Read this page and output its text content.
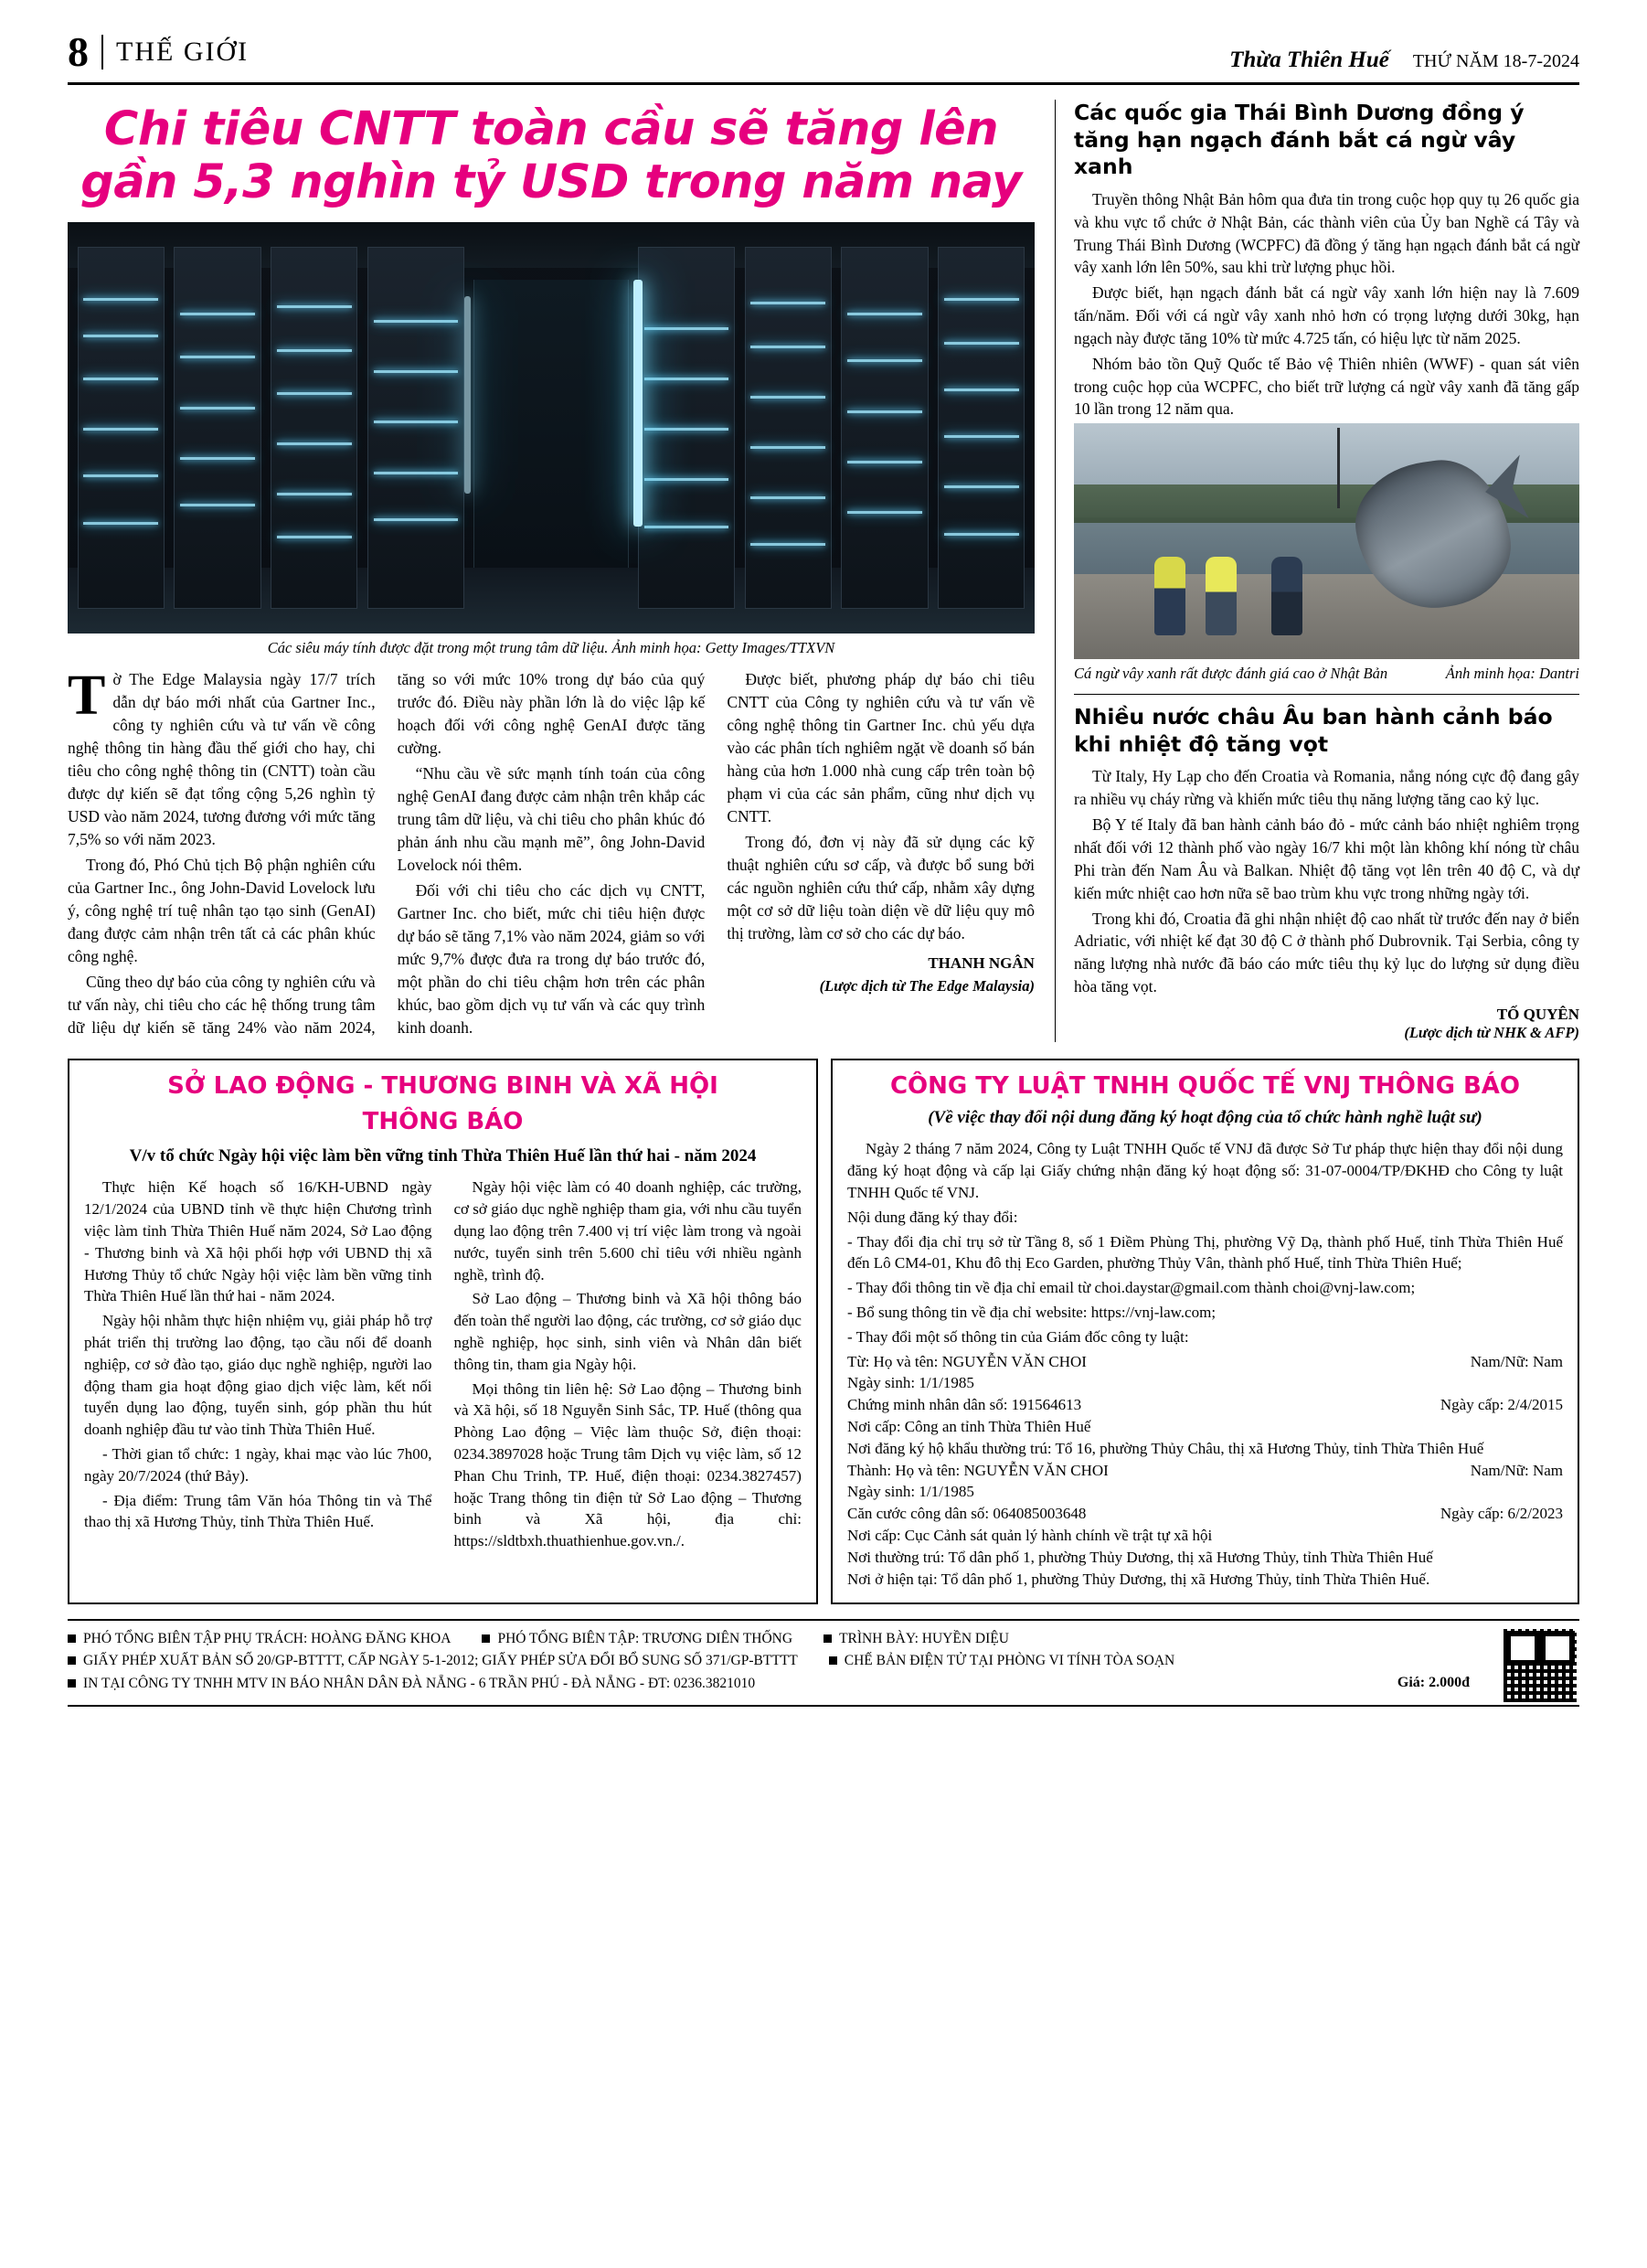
8 THẾ GIỚI	Thừa Thiên Huế THỨ NĂM 18-7-2024
Chi tiêu CNTT toàn cầu sẽ tăng lên gần 5,3 nghìn tỷ USD trong năm nay
Các siêu máy tính được đặt trong một trung tâm dữ liệu. Ảnh minh họa: Getty Images/TTXVN

Tờ The Edge Malaysia ngày 17/7 trích dẫn dự báo mới nhất của Gartner Inc., công ty nghiên cứu và tư vấn về công nghệ thông tin hàng đầu thế giới cho hay, chi tiêu cho công nghệ thông tin (CNTT) toàn cầu được dự kiến sẽ đạt tổng cộng 5,26 nghìn tỷ USD vào năm 2024, tương đương với mức tăng 7,5% so với năm 2023.

Trong đó, Phó Chủ tịch Bộ phận nghiên cứu của Gartner Inc., ông John-David Lovelock lưu ý, công nghệ trí tuệ nhân tạo tạo sinh (GenAI) đang được cảm nhận trên tất cả các phân khúc công nghệ.

Cũng theo dự báo của công ty nghiên cứu và tư vấn này, chi tiêu cho các hệ thống trung tâm dữ liệu dự kiến sẽ tăng 24% vào năm 2024, tăng so với mức 10% trong dự báo của quý trước đó. Điều này phần lớn là do việc lập kế hoạch đối với công nghệ GenAI được tăng cường.

“Nhu cầu về sức mạnh tính toán của công nghệ GenAI đang được cảm nhận trên khắp các trung tâm dữ liệu, và chi tiêu cho phân khúc đó phản ánh nhu cầu mạnh mẽ”, ông John-David Lovelock nói thêm.

Đối với chi tiêu cho các dịch vụ CNTT, Gartner Inc. cho biết, mức chi tiêu hiện được dự báo sẽ tăng 7,1% vào năm 2024, giảm so với mức 9,7% được đưa ra trong dự báo trước đó, một phần do chi tiêu chậm hơn trên các phân khúc, bao gồm dịch vụ tư vấn và các quy trình kinh doanh.

Được biết, phương pháp dự báo chi tiêu CNTT của Công ty nghiên cứu và tư vấn về công nghệ thông tin Gartner Inc. chủ yếu dựa vào các phân tích nghiêm ngặt về doanh số bán hàng của hơn 1.000 nhà cung cấp trên toàn bộ phạm vi của các sản phẩm, cũng như dịch vụ CNTT.

Trong đó, đơn vị này đã sử dụng các kỹ thuật nghiên cứu sơ cấp, và được bổ sung bởi các nguồn nghiên cứu thứ cấp, nhằm xây dựng một cơ sở dữ liệu toàn diện về dữ liệu quy mô thị trường, làm cơ sở cho các dự báo.

THANH NGÂN
(Lược dịch từ The Edge Malaysia)
Các quốc gia Thái Bình Dương đồng ý tăng hạn ngạch đánh bắt cá ngừ vây xanh

Truyền thông Nhật Bản hôm qua đưa tin trong cuộc họp quy tụ 26 quốc gia và khu vực tổ chức ở Nhật Bản, các thành viên của Ủy ban Nghề cá Tây và Trung Thái Bình Dương (WCPFC) đã đồng ý tăng hạn ngạch đánh bắt cá ngừ vây xanh lớn lên 50%, sau khi trừ lượng phục hồi.

Được biết, hạn ngạch đánh bắt cá ngừ vây xanh lớn hiện nay là 7.609 tấn/năm. Đối với cá ngừ vây xanh nhỏ hơn có trọng lượng dưới 30kg, hạn ngạch này được tăng 10% từ mức 4.725 tấn, có hiệu lực từ năm 2025.

Nhóm bảo tồn Quỹ Quốc tế Bảo vệ Thiên nhiên (WWF) - quan sát viên trong cuộc họp của WCPFC, cho biết trữ lượng cá ngừ vây xanh đã tăng gấp 10 lần trong 12 năm qua.

Cá ngừ vây xanh rất được đánh giá cao ở Nhật Bản	Ảnh minh họa: Dantri
Nhiều nước châu Âu ban hành cảnh báo khi nhiệt độ tăng vọt

Từ Italy, Hy Lạp cho đến Croatia và Romania, nắng nóng cực độ đang gây ra nhiều vụ cháy rừng và khiến mức tiêu thụ năng lượng tăng cao kỷ lục.

Bộ Y tế Italy đã ban hành cảnh báo đỏ - mức cảnh báo nhiệt nghiêm trọng nhất đối với 12 thành phố vào ngày 16/7 khi một làn không khí nóng từ châu Phi tràn đến Nam Âu và Balkan. Nhiệt độ tăng vọt lên trên 40 độ C, và dự kiến mức nhiệt cao hơn nữa sẽ bao trùm khu vực trong những ngày tới.

Trong khi đó, Croatia đã ghi nhận nhiệt độ cao nhất từ trước đến nay ở biển Adriatic, với nhiệt kế đạt 30 độ C ở thành phố Dubrovnik. Tại Serbia, công ty năng lượng nhà nước đã báo cáo mức tiêu thụ kỷ lục do lượng sử dụng điều hòa tăng vọt.

TỐ QUYÊN
(Lược dịch từ NHK & AFP)
SỞ LAO ĐỘNG - THƯƠNG BINH VÀ XÃ HỘI
THÔNG BÁO
V/v tổ chức Ngày hội việc làm bền vững tỉnh Thừa Thiên Huế lần thứ hai - năm 2024

Thực hiện Kế hoạch số 16/KH-UBND ngày 12/1/2024 của UBND tỉnh về thực hiện Chương trình việc làm tỉnh Thừa Thiên Huế năm 2024, Sở Lao động - Thương binh và Xã hội phối hợp với UBND thị xã Hương Thủy tổ chức Ngày hội việc làm bền vững tỉnh Thừa Thiên Huế lần thứ hai - năm 2024.

Ngày hội nhằm thực hiện nhiệm vụ, giải pháp hỗ trợ phát triển thị trường lao động, tạo cầu nối để doanh nghiệp, cơ sở đào tạo, giáo dục nghề nghiệp, người lao động tham gia hoạt động giao dịch việc làm, kết nối tuyển dụng lao động, tuyển sinh, góp phần thu hút doanh nghiệp đầu tư vào tỉnh Thừa Thiên Huế.

- Thời gian tổ chức: 1 ngày, khai mạc vào lúc 7h00, ngày 20/7/2024 (thứ Bảy).

- Địa điểm: Trung tâm Văn hóa Thông tin và Thể thao thị xã Hương Thủy, tỉnh Thừa Thiên Huế.

Ngày hội việc làm có 40 doanh nghiệp, các trường, cơ sở giáo dục nghề nghiệp tham gia, với nhu cầu tuyển dụng lao động trên 7.400 vị trí việc làm trong và ngoài nước, tuyển sinh trên 5.600 chỉ tiêu với nhiều ngành nghề, trình độ.

Sở Lao động – Thương binh và Xã hội thông báo đến toàn thể người lao động, các trường, cơ sở giáo dục nghề nghiệp, học sinh, sinh viên và Nhân dân biết thông tin, tham gia Ngày hội.

Mọi thông tin liên hệ: Sở Lao động – Thương binh và Xã hội, số 18 Nguyễn Sinh Sắc, TP. Huế (thông qua Phòng Lao động – Việc làm thuộc Sở, điện thoại: 0234.3897028 hoặc Trung tâm Dịch vụ việc làm, số 12 Phan Chu Trinh, TP. Huế, điện thoại: 0234.3827457) hoặc Trang thông tin điện tử Sở Lao động – Thương binh và Xã hội, địa chỉ: https://sldtbxh.thuathienhue.gov.vn./.

CÔNG TY LUẬT TNHH QUỐC TẾ VNJ THÔNG BÁO
(Về việc thay đổi nội dung đăng ký hoạt động của tổ chức hành nghề luật sư)

Ngày 2 tháng 7 năm 2024, Công ty Luật TNHH Quốc tế VNJ đã được Sở Tư pháp thực hiện thay đổi nội dung đăng ký hoạt động và cấp lại Giấy chứng nhận đăng ký hoạt động số: 31-07-0004/TP/ĐKHĐ cho Công ty luật TNHH Quốc tế VNJ.

Nội dung đăng ký thay đổi:

- Thay đổi địa chỉ trụ sở từ Tầng 8, số 1 Điềm Phùng Thị, phường Vỹ Dạ, thành phố Huế, tỉnh Thừa Thiên Huế đến Lô CM4-01, Khu đô thị Eco Garden, phường Thủy Vân, thành phố Huế, tỉnh Thừa Thiên Huế;

- Thay đổi thông tin về địa chỉ email từ choi.daystar@gmail.com thành choi@vnj-law.com;

- Bổ sung thông tin về địa chỉ website: https://vnj-law.com;

- Thay đổi một số thông tin của Giám đốc công ty luật:

Từ: Họ và tên: NGUYỄN VĂN CHOI	Nam/Nữ: Nam
Ngày sinh: 1/1/1985
Chứng minh nhân dân số: 191564613	Ngày cấp: 2/4/2015
Nơi cấp: Công an tỉnh Thừa Thiên Huế
Nơi đăng ký hộ khẩu thường trú: Tổ 16, phường Thủy Châu, thị xã Hương Thủy, tỉnh Thừa Thiên Huế
Thành: Họ và tên: NGUYỄN VĂN CHOI	Nam/Nữ: Nam
Ngày sinh: 1/1/1985
Căn cước công dân số: 064085003648	Ngày cấp: 6/2/2023
Nơi cấp: Cục Cảnh sát quản lý hành chính về trật tự xã hội
Nơi thường trú: Tổ dân phố 1, phường Thủy Dương, thị xã Hương Thủy, tỉnh Thừa Thiên Huế
Nơi ở hiện tại: Tổ dân phố 1, phường Thủy Dương, thị xã Hương Thủy, tỉnh Thừa Thiên Huế.
PHÓ TỔNG BIÊN TẬP PHỤ TRÁCH: HOÀNG ĐĂNG KHOA	PHÓ TỔNG BIÊN TẬP: TRƯƠNG DIÊN THỐNG	TRÌNH BÀY: HUYỀN DIỆU
GIẤY PHÉP XUẤT BẢN SỐ 20/GP-BTTTT, CẤP NGÀY 5-1-2012; GIẤY PHÉP SỬA ĐỔI BỔ SUNG SỐ 371/GP-BTTTT	CHẾ BẢN ĐIỆN TỬ TẠI PHÒNG VI TÍNH TÒA SOẠN
IN TẠI CÔNG TY TNHH MTV IN BÁO NHÂN DÂN ĐÀ NẴNG - 6 TRẦN PHÚ - ĐÀ NẴNG - ĐT: 0236.3821010	Giá: 2.000đ
